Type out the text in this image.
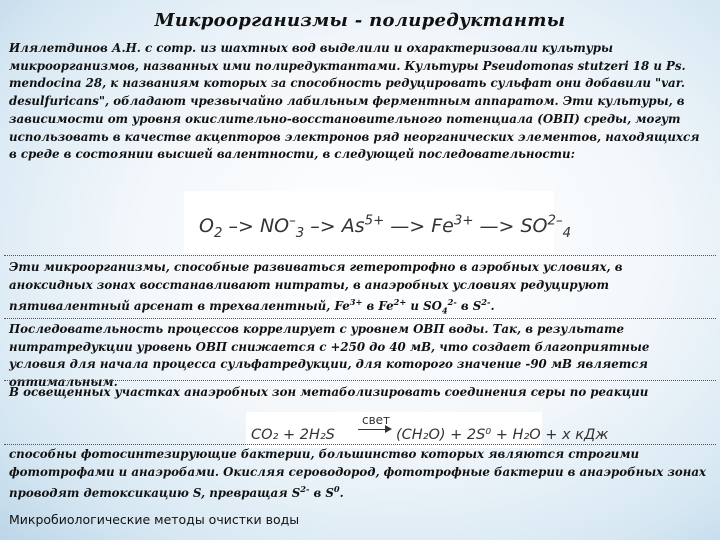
Микроорганизмы - полиредуктанты
Илялетдинов А.Н. с сотр. из шахтных вод выделили и охарактеризовали культуры микроорганизмов, названных ими полиредуктантами. Культуры Pseudomonas stutzeri 18 и Ps. mendocina 28, к названиям которых за способность редуцировать сульфат они добавили "var. desulfuricans", обладают чрезвычайно лабильным ферментным аппаратом. Эти культуры, в зависимости от уровня окислительно-восстановительного потенциала (ОВП) среды, могут использовать в качестве акцепторов электронов ряд неорганических элементов, находящихся в среде в состоянии высшей валентности, в следующей последовательности:
$O_2 -> NO^-_3 -> As^{5+}$ —> $Fe^{3+}$ —> $SO^{2-}_4$
Эти микроорганизмы, способные развиваться гетеротрофно в аэробных условиях, в аноксидных зонах восстанавливают нитраты, в анаэробных условиях редуцируют пятивалентный арсенат в трехвалентный, $Fe^{3+}$ в $Fe^{2+}$ и $SO_4^{2-}$ в $S^{2-}$.
Последовательность процессов коррелирует с уровнем ОВП воды. Так, в результате нитратредукции уровень ОВП снижается с +250 до 40 мВ, что создает благоприятные условия для начала процесса сульфатредукции, для которого значение -90 мВ является оптимальным.
В освещенных участках анаэробных зон метаболизировать соединения серы по реакции
свет
CO₂ + 2H₂S	(CH₂O) + 2S⁰ + H₂O + x кДж
способны фотосинтезирующие бактерии, большинство которых являются строгими фототрофами и анаэробами. Окисляя сероводород, фототрофные бактерии в анаэробных зонах проводят детоксикацию S, превращая $S^{2-}$ в $S^0$.
Микробиологические методы очистки воды
